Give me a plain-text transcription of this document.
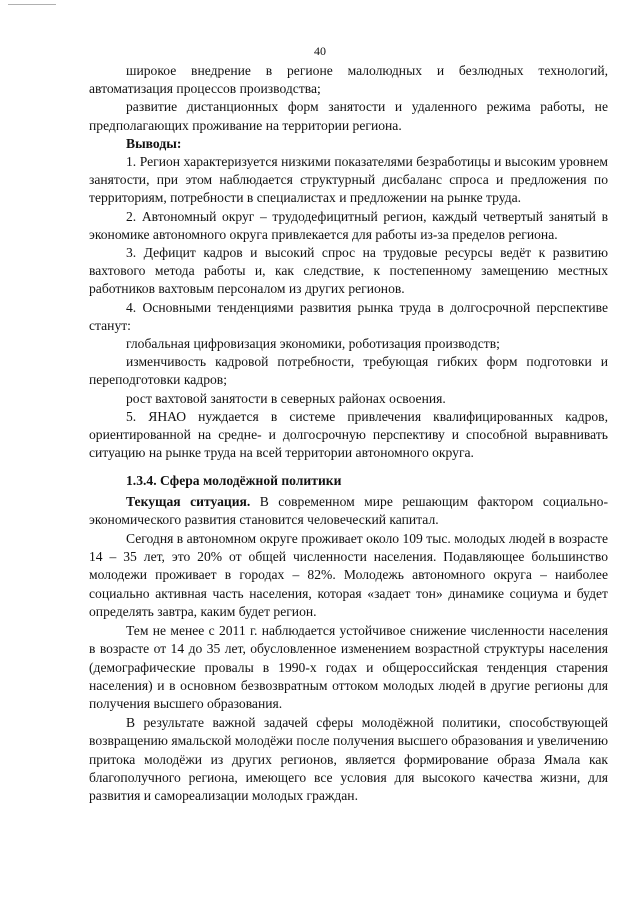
40

широкое внедрение в регионе малолюдных и безлюдных технологий, автоматизация процессов производства;

развитие дистанционных форм занятости и удаленного режима работы, не предполагающих проживание на территории региона.

Выводы:

1. Регион характеризуется низкими показателями безработицы и высоким уровнем занятости, при этом наблюдается структурный дисбаланс спроса и предложения по территориям, потребности в специалистах и предложении на рынке труда.

2. Автономный округ – трудодефицитный регион, каждый четвертый занятый в экономике автономного округа привлекается для работы из-за пределов региона.

3. Дефицит кадров и высокий спрос на трудовые ресурсы ведёт к развитию вахтового метода работы и, как следствие, к постепенному замещению местных работников вахтовым персоналом из других регионов.

4. Основными тенденциями развития рынка труда в долгосрочной перспективе станут:

глобальная цифровизация экономики, роботизация производств;

изменчивость кадровой потребности, требующая гибких форм подготовки и переподготовки кадров;

рост вахтовой занятости в северных районах освоения.

5. ЯНАО нуждается в системе привлечения квалифицированных кадров, ориентированной на средне- и долгосрочную перспективу и способной выравнивать ситуацию на рынке труда на всей территории автономного округа.

1.3.4. Сфера молодёжной политики

Текущая ситуация. В современном мире решающим фактором социально-экономического развития становится человеческий капитал.

Сегодня в автономном округе проживает около 109 тыс. молодых людей в возрасте 14 – 35 лет, это 20% от общей численности населения. Подавляющее большинство молодежи проживает в городах – 82%. Молодежь автономного округа – наиболее социально активная часть населения, которая «задает тон» динамике социума и будет определять завтра, каким будет регион.

Тем не менее с 2011 г. наблюдается устойчивое снижение численности населения в возрасте от 14 до 35 лет, обусловленное изменением возрастной структуры населения (демографические провалы в 1990-х годах и общероссийская тенденция старения населения) и в основном безвозвратным оттоком молодых людей в другие регионы для получения высшего образования.

В результате важной задачей сферы молодёжной политики, способствующей возвращению ямальской молодёжи после получения высшего образования и увеличению притока молодёжи из других регионов, является формирование образа Ямала как благополучного региона, имеющего все условия для высокого качества жизни, для развития и самореализации молодых граждан.
